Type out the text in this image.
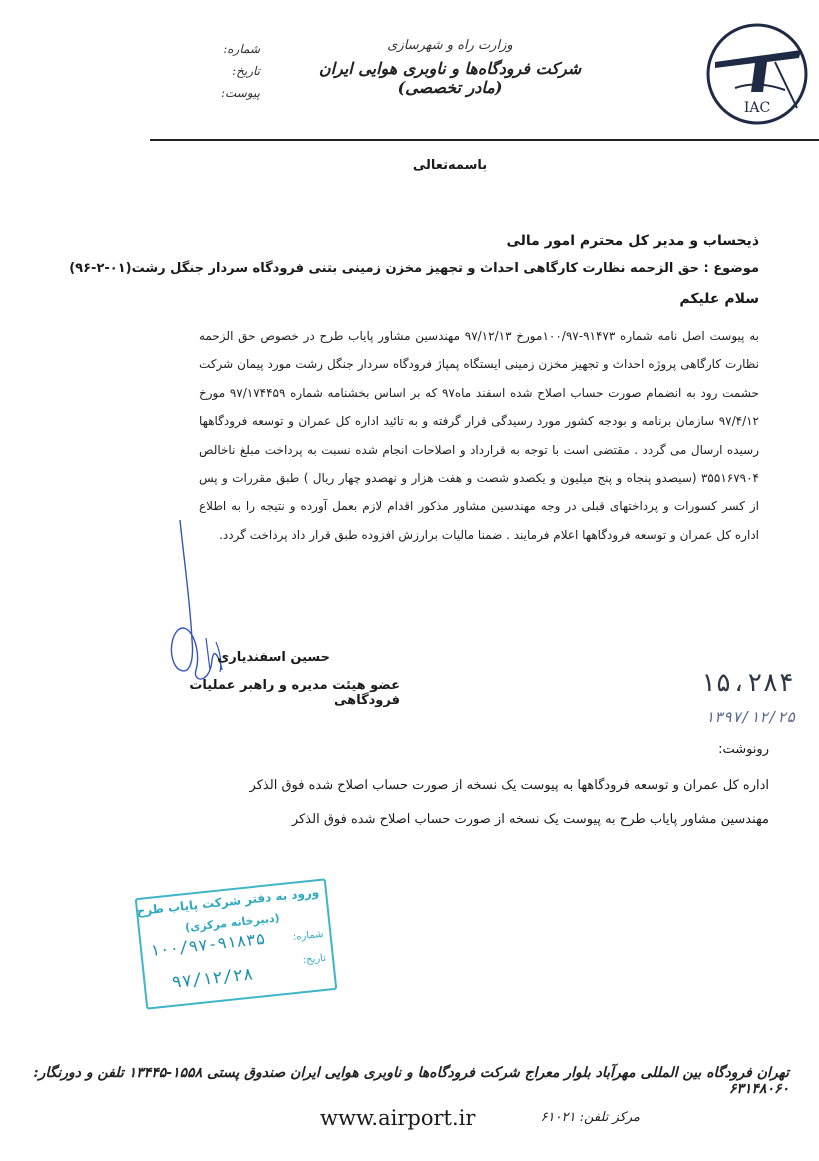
IAC
وزارت راه و شهرسازی
شرکت فرودگاه‌ها و ناوبری هوایی ایران (مادر تخصصی)
شماره:
تاریخ:
پیوست:
باسمه‌تعالی
ذیحساب و مدیر کل محترم امور مالی
موضوع : حق الزحمه نظارت کارگاهی احداث و تجهیز مخزن زمینی بتنی فرودگاه سردار جنگل رشت(۰۱-۲-۹۶)
سلام علیکم
به پیوست اصل نامه شماره ۹۱۴۷۳-۱۰۰/۹۷مورخ ۹۷/۱۲/۱۳ مهندسین مشاور پایاب طرح در خصوص حق الزحمه نظارت کارگاهی پروژه احداث و تجهیز مخزن زمینی ایستگاه پمپاژ فرودگاه سردار جنگل رشت مورد پیمان شرکت حشمت رود به انضمام صورت حساب اصلاح شده اسفند ماه۹۷ که بر اساس بخشنامه شماره ۹۷/۱۷۴۴۵۹ مورخ ۹۷/۴/۱۲ سازمان برنامه و بودجه کشور مورد رسیدگی قرار گرفته و به تائید اداره کل عمران و توسعه فرودگاهها رسیده ارسال می گردد . مقتضی است با توجه به قرارداد و اصلاحات انجام شده نسبت به پرداخت مبلغ ناخالص ۳۵۵۱۶۷۹۰۴ (سیصدو پنجاه و پنج میلیون و یکصدو شصت و هفت هزار و نهصدو چهار ریال ) طبق مقررات و پس از کسر کسورات و پرداختهای قبلی در وجه مهندسین مشاور مذکور اقدام لازم بعمل آورده و نتیجه را به اطلاع اداره کل عمران و توسعه فرودگاهها اعلام فرمایند . ضمنا مالیات برارزش افزوده طبق قرار داد پرداخت گردد.
حسین اسفندیاری
عضو هیئت مدیره و راهبر عملیات فرودگاهی
۱۵،۲۸۴
۱۳۹۷/۱۲/۲۵
رونوشت:
اداره کل عمران و توسعه فرودگاهها به پیوست یک نسخه از صورت حساب اصلاح شده فوق الذکر
مهندسین مشاور پایاب طرح به پیوست یک نسخه از صورت حساب اصلاح شده فوق الذکر
ورود به دفتر شرکت پایاب طرح
(دبیرخانه مرکزی)
شماره:
تاریخ:
۱۰۰/۹۷-۹۱۸۳۵
۹۷/۱۲/۲۸
تهران فرودگاه بین المللی مهرآباد بلوار معراج شرکت فرودگاه‌ها و ناوبری هوایی ایران صندوق پستی ۱۵۵۸-۱۳۴۴۵ تلفن و دورنگار: ۶۳۱۴۸۰۶۰
www.airport.ir	مرکز تلفن: ۶۱۰۲۱
